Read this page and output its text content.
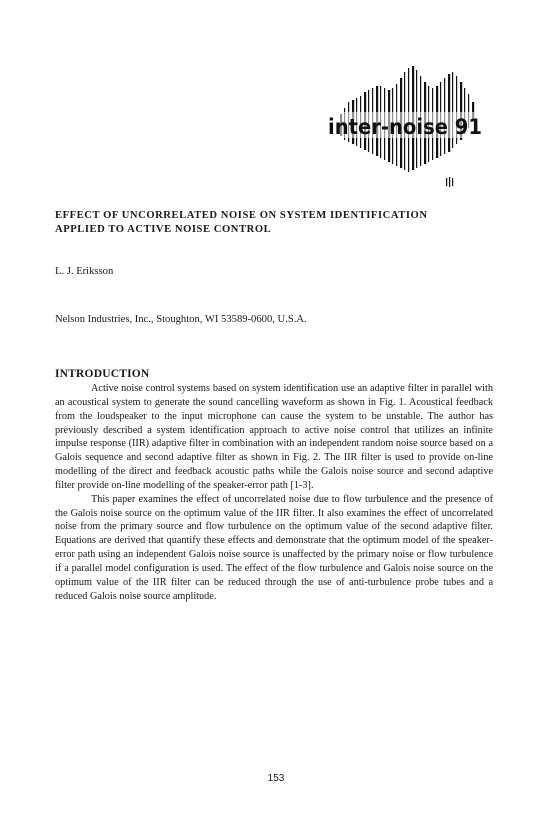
inter-noise 91
EFFECT OF UNCORRELATED NOISE ON SYSTEM IDENTIFICATION
APPLIED TO ACTIVE NOISE CONTROL
L. J. Eriksson
Nelson Industries, Inc., Stoughton, WI 53589-0600, U.S.A.
INTRODUCTION

Active noise control systems based on system identification use an adaptive filter in parallel with an acoustical system to generate the sound cancelling waveform as shown in Fig. 1. Acoustical feedback from the loudspeaker to the input microphone can cause the system to be unstable. The author has previously described a system identification approach to active noise control that utilizes an infinite impulse response (IIR) adaptive filter in combination with an independent random noise source based on a Galois sequence and second adaptive filter as shown in Fig. 2. The IIR filter is used to provide on-line modelling of the direct and feedback acoustic paths while the Galois noise source and second adaptive filter provide on-line modelling of the speaker-error path [1-3].

This paper examines the effect of uncorrelated noise due to flow turbulence and the presence of the Galois noise source on the optimum value of the IIR filter. It also examines the effect of uncorrelated noise from the primary source and flow turbulence on the optimum value of the second adaptive filter. Equations are derived that quantify these effects and demonstrate that the optimum model of the speaker-error path using an independent Galois noise source is unaffected by the primary noise or flow turbulence if a parallel model configuration is used. The effect of the flow turbulence and Galois noise source on the optimum value of the IIR filter can be reduced through the use of anti-turbulence probe tubes and a reduced Galois noise source amplitude.

153
